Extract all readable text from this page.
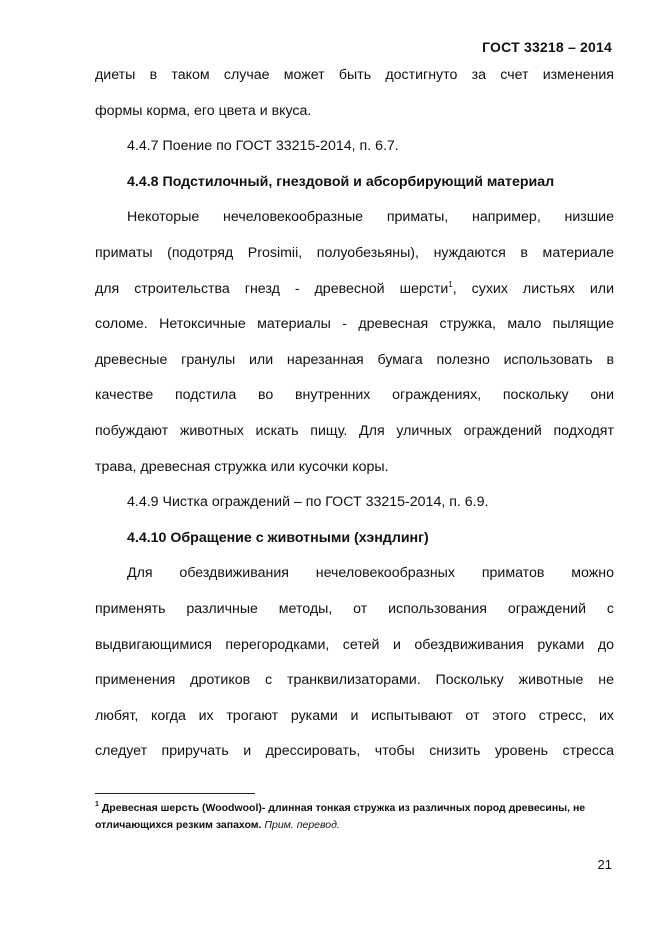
ГОСТ 33218 – 2014
диеты в таком случае может быть достигнуто за счет изменения
формы корма, его цвета и вкуса.
4.4.7 Поение по ГОСТ 33215-2014, п. 6.7.
4.4.8 Подстилочный, гнездовой и абсорбирующий материал
Некоторые нечеловекообразные приматы, например, низшие
приматы (подотряд Prosimii, полуобезьяны), нуждаются в материале
для строительства гнезд - древесной шерсти$^1$, сухих листьях или
соломе. Нетоксичные материалы - древесная стружка, мало пылящие
древесные гранулы или нарезанная бумага полезно использовать в
качестве подстила во внутренних ограждениях, поскольку они
побуждают животных искать пищу. Для уличных ограждений подходят
трава, древесная стружка или кусочки коры.
4.4.9 Чистка ограждений – по ГОСТ 33215-2014, п. 6.9.
4.4.10 Обращение с животными (хэндлинг)
Для обездвиживания нечеловекообразных приматов можно
применять различные методы, от использования ограждений с
выдвигающимися перегородками, сетей и обездвиживания руками до
применения дротиков с транквилизаторами. Поскольку животные не
любят, когда их трогают руками и испытывают от этого стресс, их
следует приручать и дрессировать, чтобы снизить уровень стресса
$^1$ Древесная шерсть (Woodwool)- длинная тонкая стружка из различных пород древесины, не
отличающихся резким запахом. Прим. перевод.
21
